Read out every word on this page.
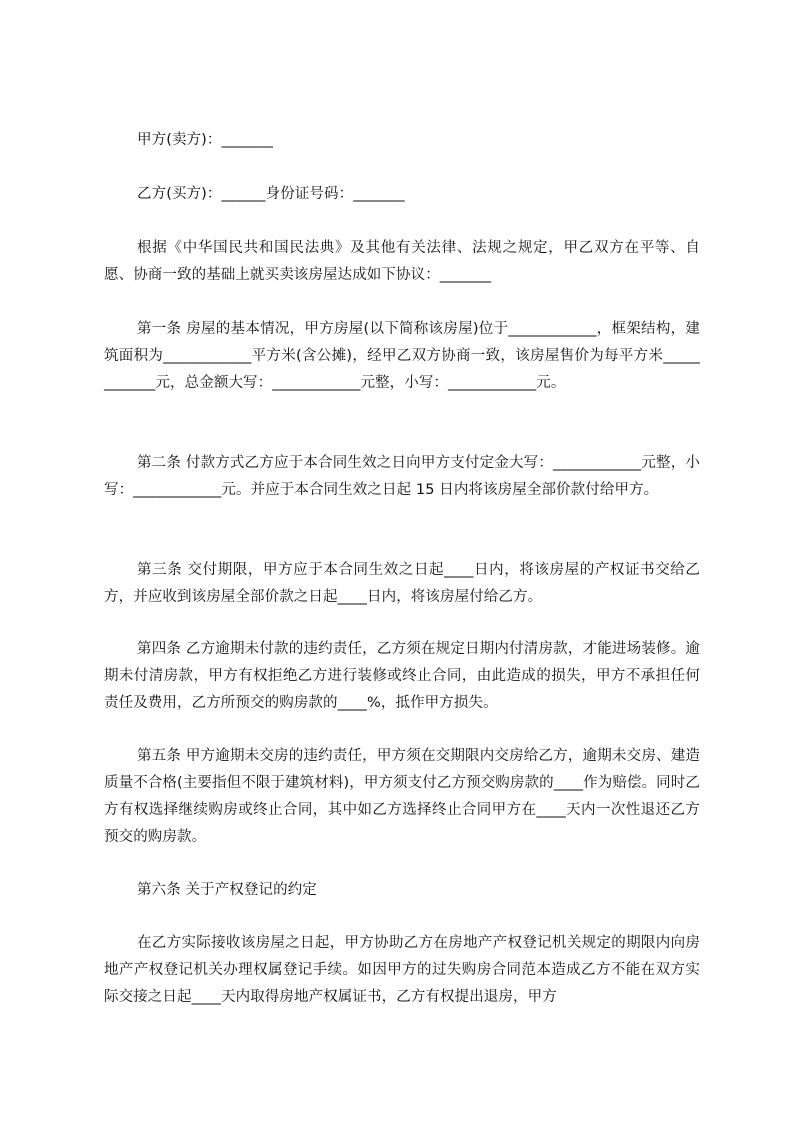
甲方(卖方)：_______

乙方(买方)：______身份证号码：_______

根据《中华国民共和国民法典》及其他有关法律、法规之规定，甲乙双方在平等、自愿、协商一致的基础上就买卖该房屋达成如下协议：_______

第一条 房屋的基本情况，甲方房屋(以下简称该房屋)位于____________，框架结构，建筑面积为____________平方米(含公摊)，经甲乙双方协商一致，该房屋售价为每平方米____________元，总金额大写：____________元整，小写：____________元。

第二条 付款方式乙方应于本合同生效之日向甲方支付定金大写：____________元整，小写：____________元。并应于本合同生效之日起 15 日内将该房屋全部价款付给甲方。

第三条 交付期限，甲方应于本合同生效之日起____日内，将该房屋的产权证书交给乙方，并应收到该房屋全部价款之日起____日内，将该房屋付给乙方。

第四条 乙方逾期未付款的违约责任，乙方须在规定日期内付清房款，才能进场装修。逾期未付清房款，甲方有权拒绝乙方进行装修或终止合同，由此造成的损失，甲方不承担任何责任及费用，乙方所预交的购房款的____%，抵作甲方损失。

第五条 甲方逾期未交房的违约责任，甲方须在交期限内交房给乙方，逾期未交房、建造质量不合格(主要指但不限于建筑材料)，甲方须支付乙方预交购房款的____作为赔偿。同时乙方有权选择继续购房或终止合同，其中如乙方选择终止合同甲方在____天内一次性退还乙方预交的购房款。

第六条 关于产权登记的约定

在乙方实际接收该房屋之日起，甲方协助乙方在房地产产权登记机关规定的期限内向房地产产权登记机关办理权属登记手续。如因甲方的过失购房合同范本造成乙方不能在双方实际交接之日起____天内取得房地产权属证书，乙方有权提出退房，甲方
